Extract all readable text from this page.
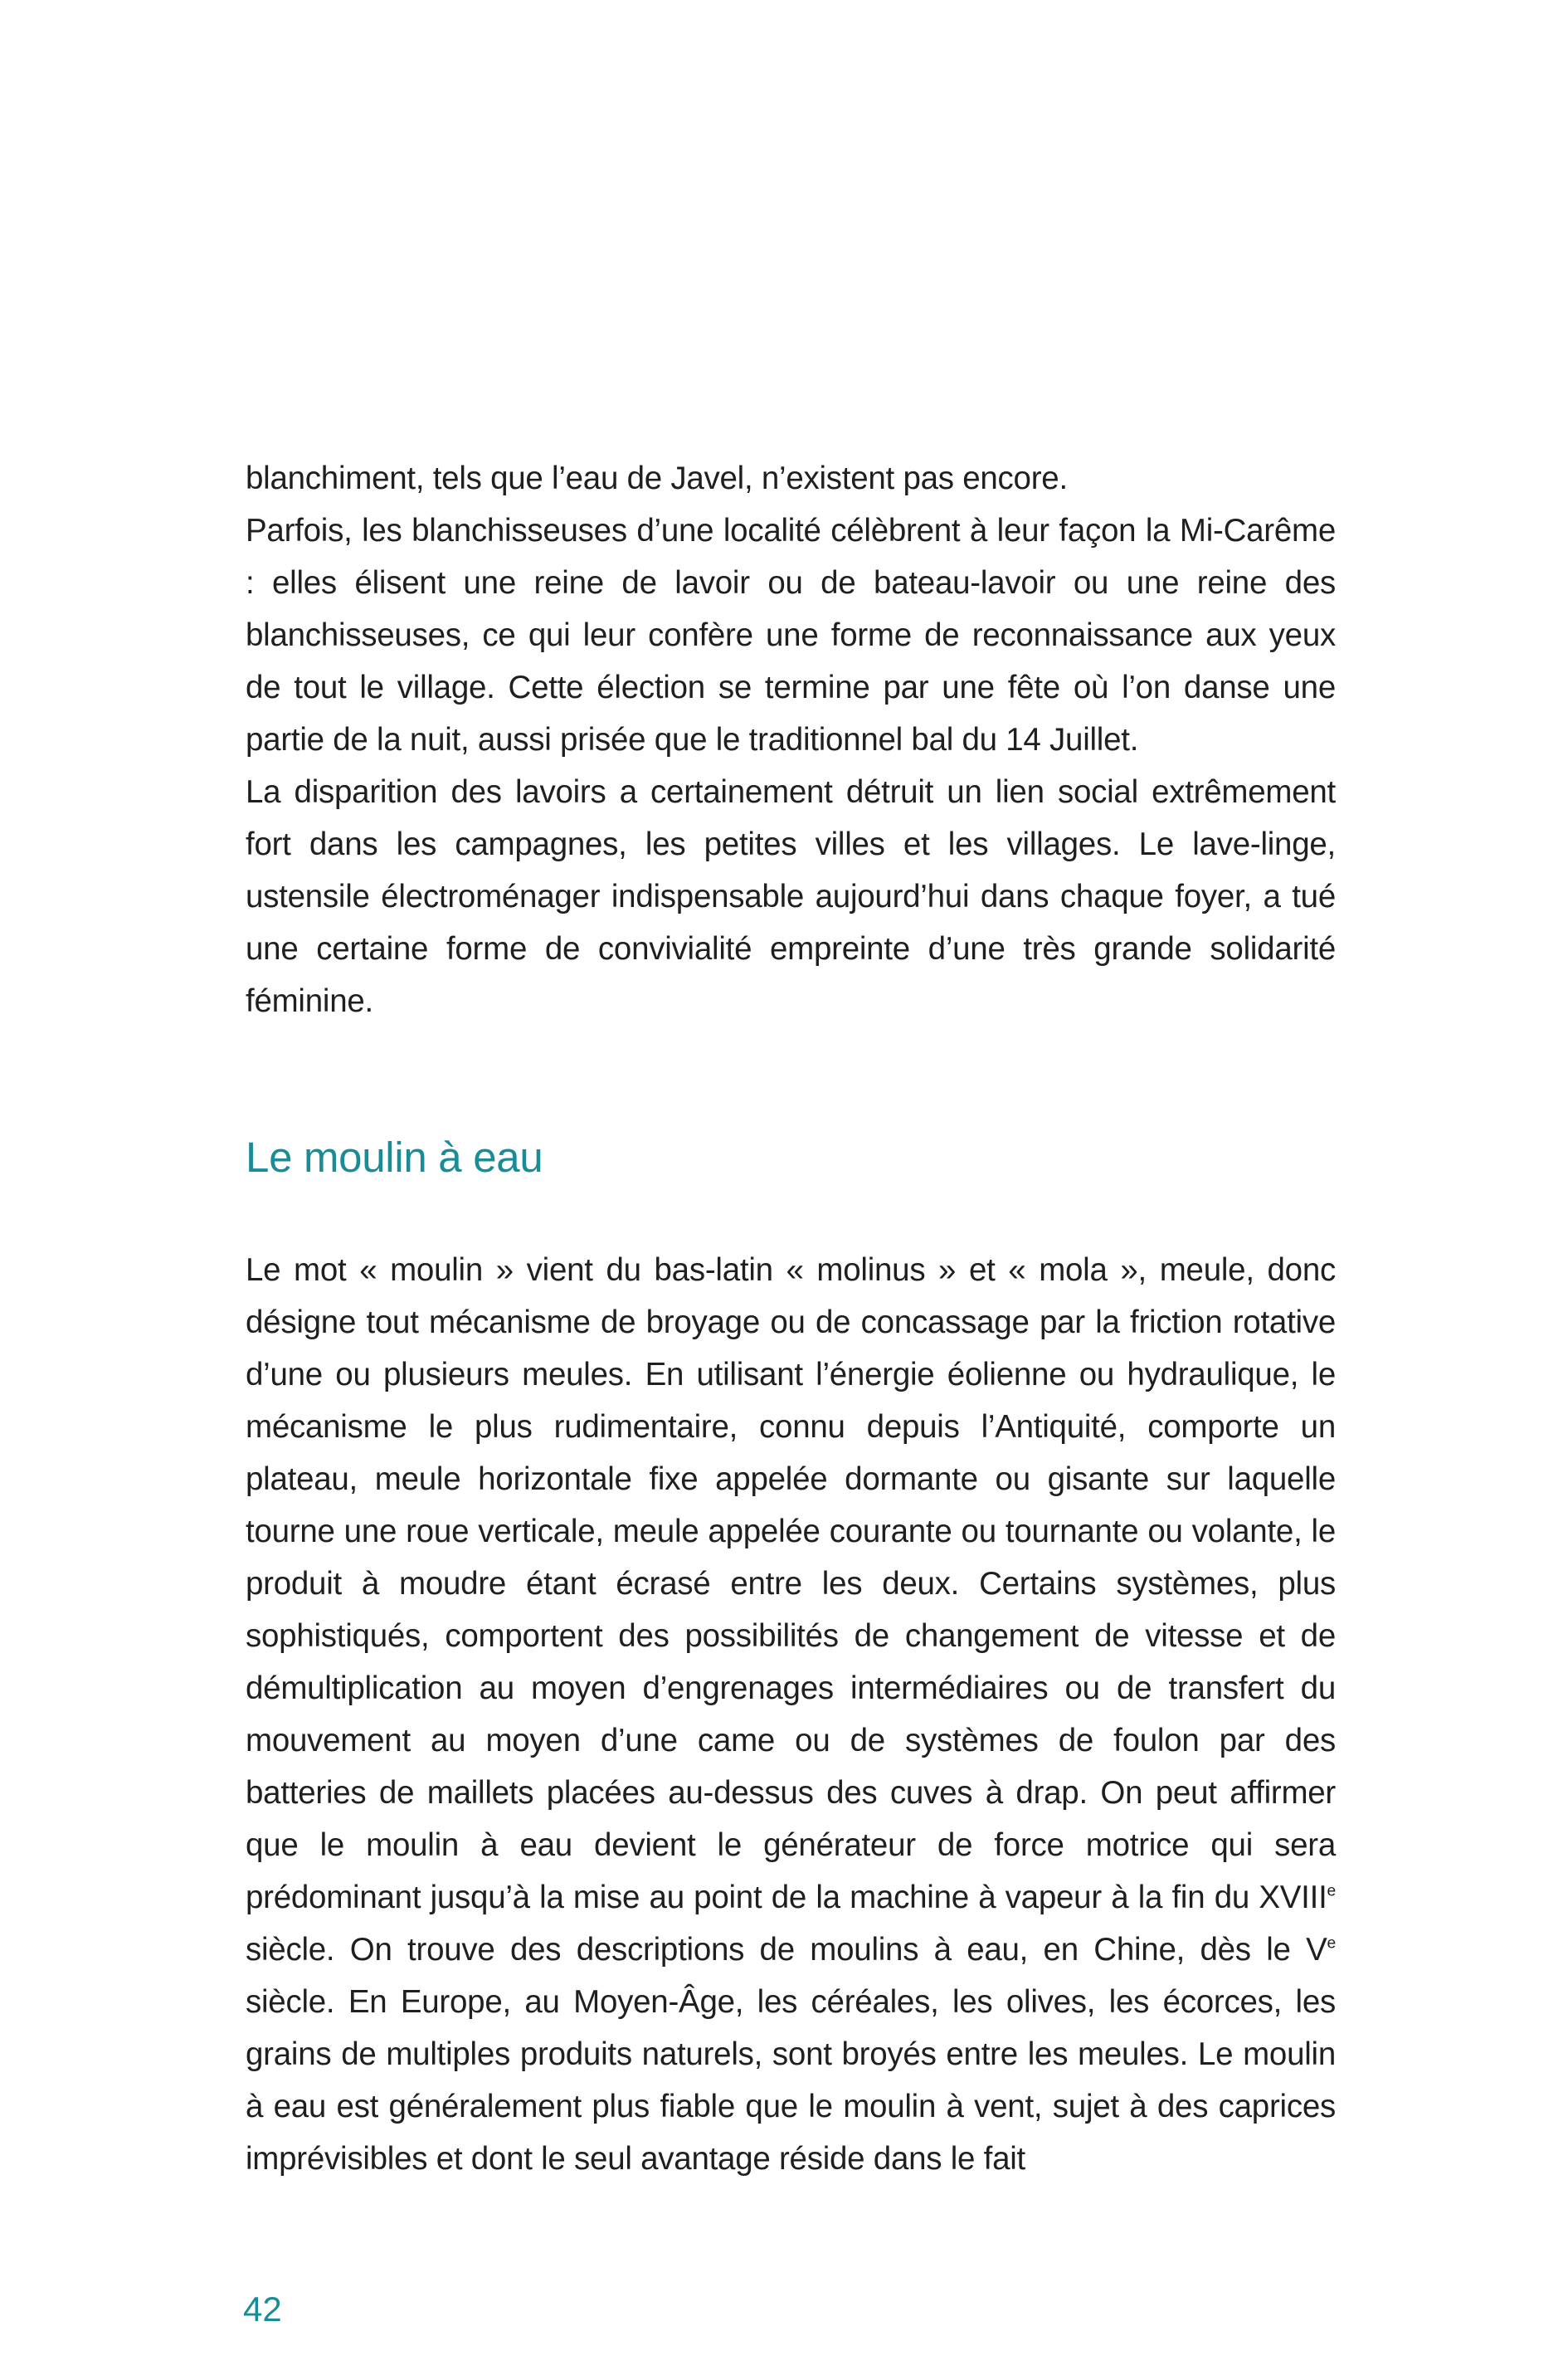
blanchiment, tels que l’eau de Javel, n’existent pas encore.

Parfois, les blanchisseuses d’une localité célèbrent à leur façon la Mi-Carême : elles élisent une reine de lavoir ou de bateau-lavoir ou une reine des blanchisseuses, ce qui leur confère une forme de reconnaissance aux yeux de tout le village. Cette élection se termine par une fête où l’on danse une partie de la nuit, aussi prisée que le traditionnel bal du 14 Juillet.

La disparition des lavoirs a certainement détruit un lien social extrêmement fort dans les campagnes, les petites villes et les villages. Le lave-linge, ustensile électroménager indispensable aujourd’hui dans chaque foyer, a tué une certaine forme de convivialité empreinte d’une très grande solidarité féminine.

Le moulin à eau

Le mot « moulin » vient du bas-latin « molinus » et « mola », meule, donc désigne tout mécanisme de broyage ou de concassage par la friction rotative d’une ou plusieurs meules. En utilisant l’énergie éolienne ou hydraulique, le mécanisme le plus rudimentaire, connu depuis l’Antiquité, comporte un plateau, meule horizontale fixe appelée dormante ou gisante sur laquelle tourne une roue verticale, meule appelée courante ou tournante ou volante, le produit à moudre étant écrasé entre les deux. Certains systèmes, plus sophistiqués, comportent des possibilités de changement de vitesse et de démultiplication au moyen d’engrenages intermédiaires ou de transfert du mouvement au moyen d’une came ou de systèmes de foulon par des batteries de maillets placées au-dessus des cuves à drap. On peut affirmer que le moulin à eau devient le générateur de force motrice qui sera prédominant jusqu’à la mise au point de la machine à vapeur à la fin du XVIIIe siècle. On trouve des descriptions de moulins à eau, en Chine, dès le Ve siècle. En Europe, au Moyen-Âge, les céréales, les olives, les écorces, les grains de multiples produits naturels, sont broyés entre les meules. Le moulin à eau est généralement plus fiable que le moulin à vent, sujet à des caprices imprévisibles et dont le seul avantage réside dans le fait

42
